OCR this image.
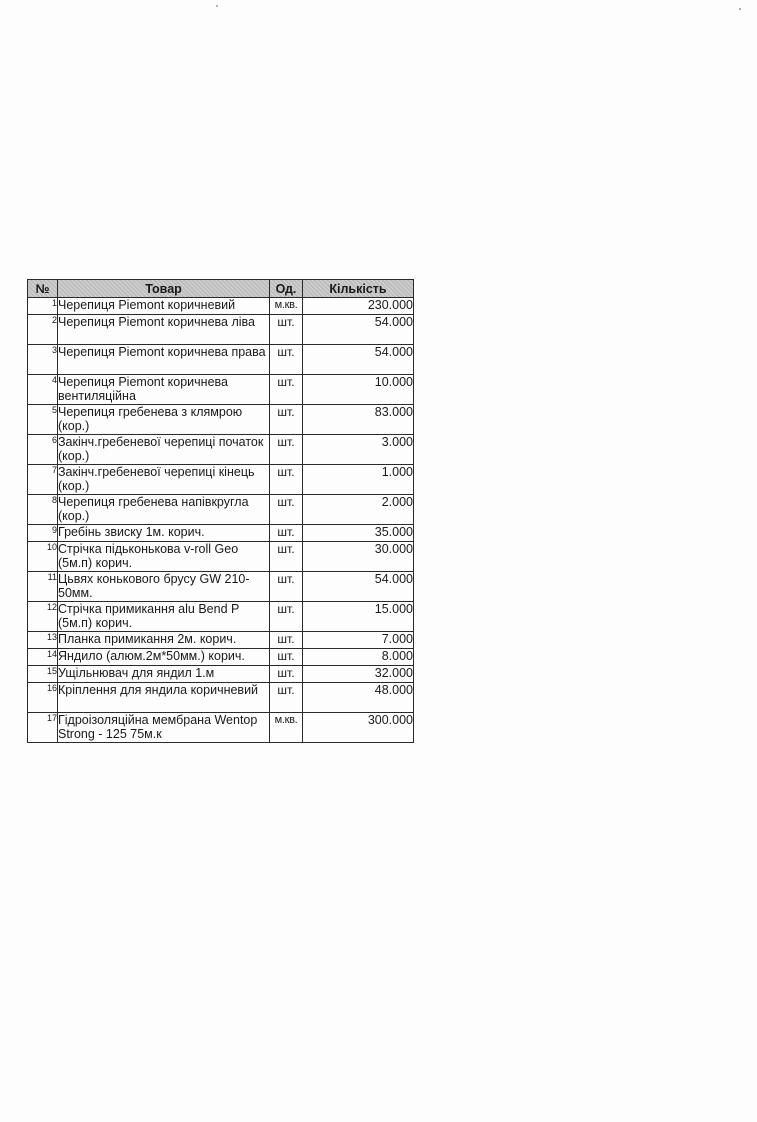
№	Товар	Од.	Кількість
1	Черепиця Piemont коричневий	м.кв.	230.000
2	Черепиця Piemont коричнева ліва	шт.	54.000
3	Черепиця Piemont коричнева права	шт.	54.000
4	Черепиця Piemont коричнева вентиляційна	шт.	10.000
5	Черепиця гребенева з клямрою (кор.)	шт.	83.000
6	Закінч.гребеневої черепиці початок (кор.)	шт.	3.000
7	Закінч.гребеневої черепиці кінець (кор.)	шт.	1.000
8	Черепиця гребенева напівкругла (кор.)	шт.	2.000
9	Гребінь звиску 1м. корич.	шт.	35.000
10	Стрічка підьконькова v-roll Geo (5м.п) корич.	шт.	30.000
11	Цьвях конькового брусу GW 210-50мм.	шт.	54.000
12	Стрічка примикання alu Bend P (5м.п) корич.	шт.	15.000
13	Планка примикання 2м. корич.	шт.	7.000
14	Яндило (алюм.2м*50мм.) корич.	шт.	8.000
15	Ущільнювач для яндил 1.м	шт.	32.000
16	Кріплення для яндила коричневий	шт.	48.000
17	Гідроізоляційна мембрана Wentop Strong - 125 75м.к	м.кв.	300.000
